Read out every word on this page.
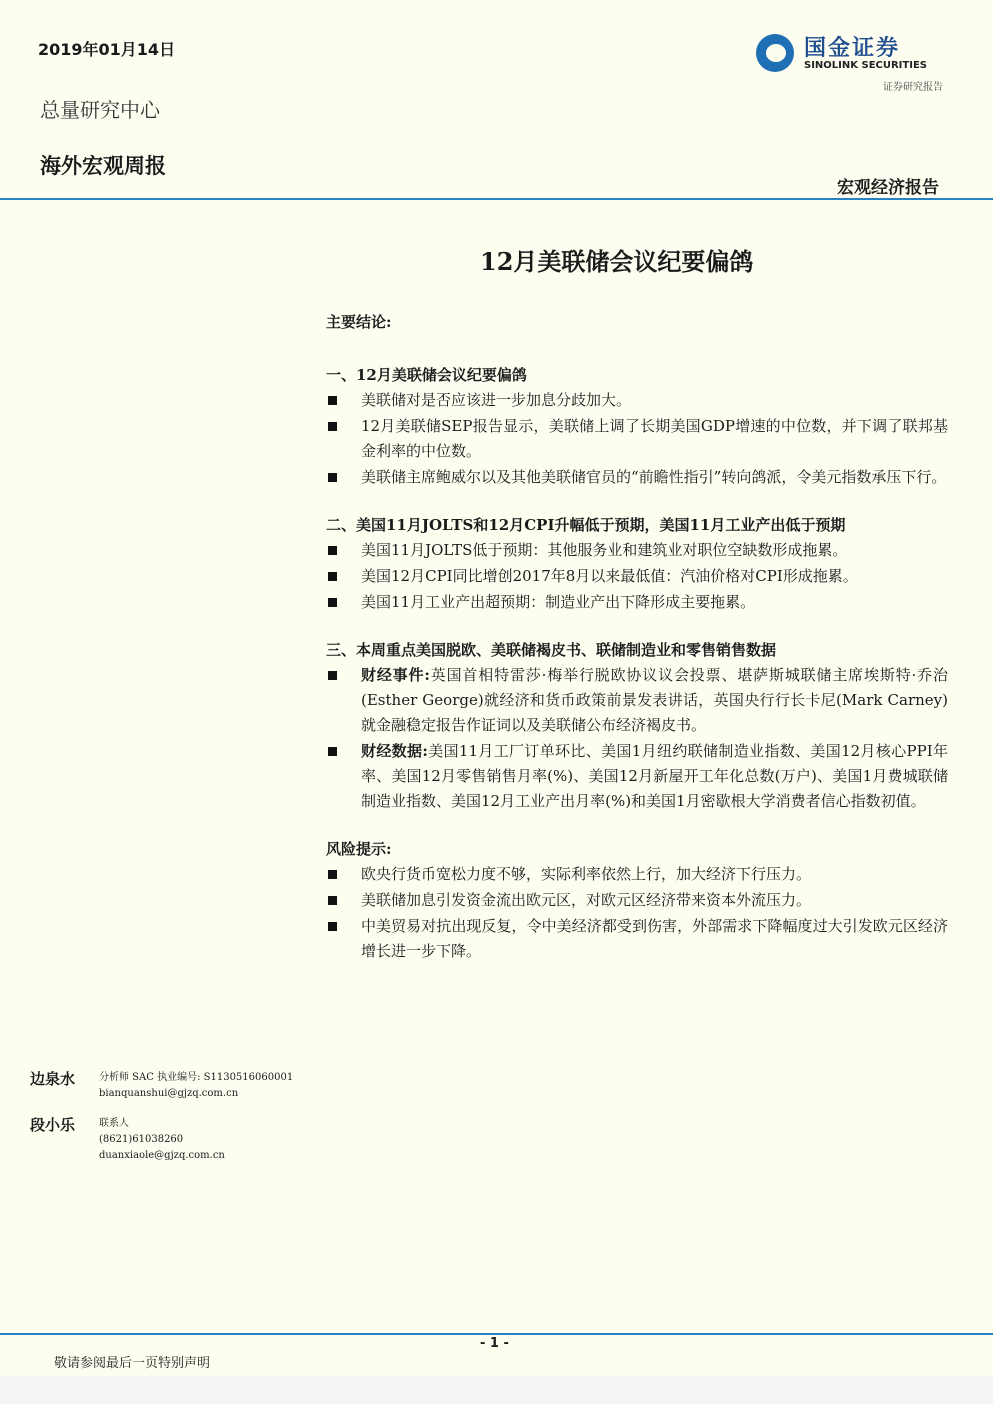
2019年01月14日
总量研究中心
海外宏观周报
宏观经济报告
国金证券
SINOLINK SECURITIES
证券研究报告
12月美联储会议纪要偏鸽

主要结论:

一、12月美联储会议纪要偏鸽

美联储对是否应该进一步加息分歧加大。
12月美联储SEP报告显示，美联储上调了长期美国GDP增速的中位数，并下调了联邦基金利率的中位数。
美联储主席鲍威尔以及其他美联储官员的“前瞻性指引”转向鸽派，令美元指数承压下行。

二、美国11月JOLTS和12月CPI升幅低于预期，美国11月工业产出低于预期

美国11月JOLTS低于预期：其他服务业和建筑业对职位空缺数形成拖累。
美国12月CPI同比增创2017年8月以来最低值：汽油价格对CPI形成拖累。
美国11月工业产出超预期：制造业产出下降形成主要拖累。

三、本周重点美国脱欧、美联储褐皮书、联储制造业和零售销售数据

财经事件:英国首相特雷莎·梅举行脱欧协议议会投票、堪萨斯城联储主席埃斯特·乔治(Esther George)就经济和货币政策前景发表讲话，英国央行行长卡尼(Mark Carney)就金融稳定报告作证词以及美联储公布经济褐皮书。
财经数据:美国11月工厂订单环比、美国1月纽约联储制造业指数、美国12月核心PPI年率、美国12月零售销售月率(%)、美国12月新屋开工年化总数(万户)、美国1月费城联储制造业指数、美国12月工业产出月率(%)和美国1月密歇根大学消费者信心指数初值。

风险提示:

欧央行货币宽松力度不够，实际利率依然上行，加大经济下行压力。
美联储加息引发资金流出欧元区，对欧元区经济带来资本外流压力。
中美贸易对抗出现反复，令中美经济都受到伤害，外部需求下降幅度过大引发欧元区经济增长进一步下降。
边泉水 分析师 SAC 执业编号: S1130516060001
bianquanshui@gjzq.com.cn
段小乐 联系人
(8621)61038260
duanxiaole@gjzq.com.cn
- 1 -
敬请参阅最后一页特别声明
